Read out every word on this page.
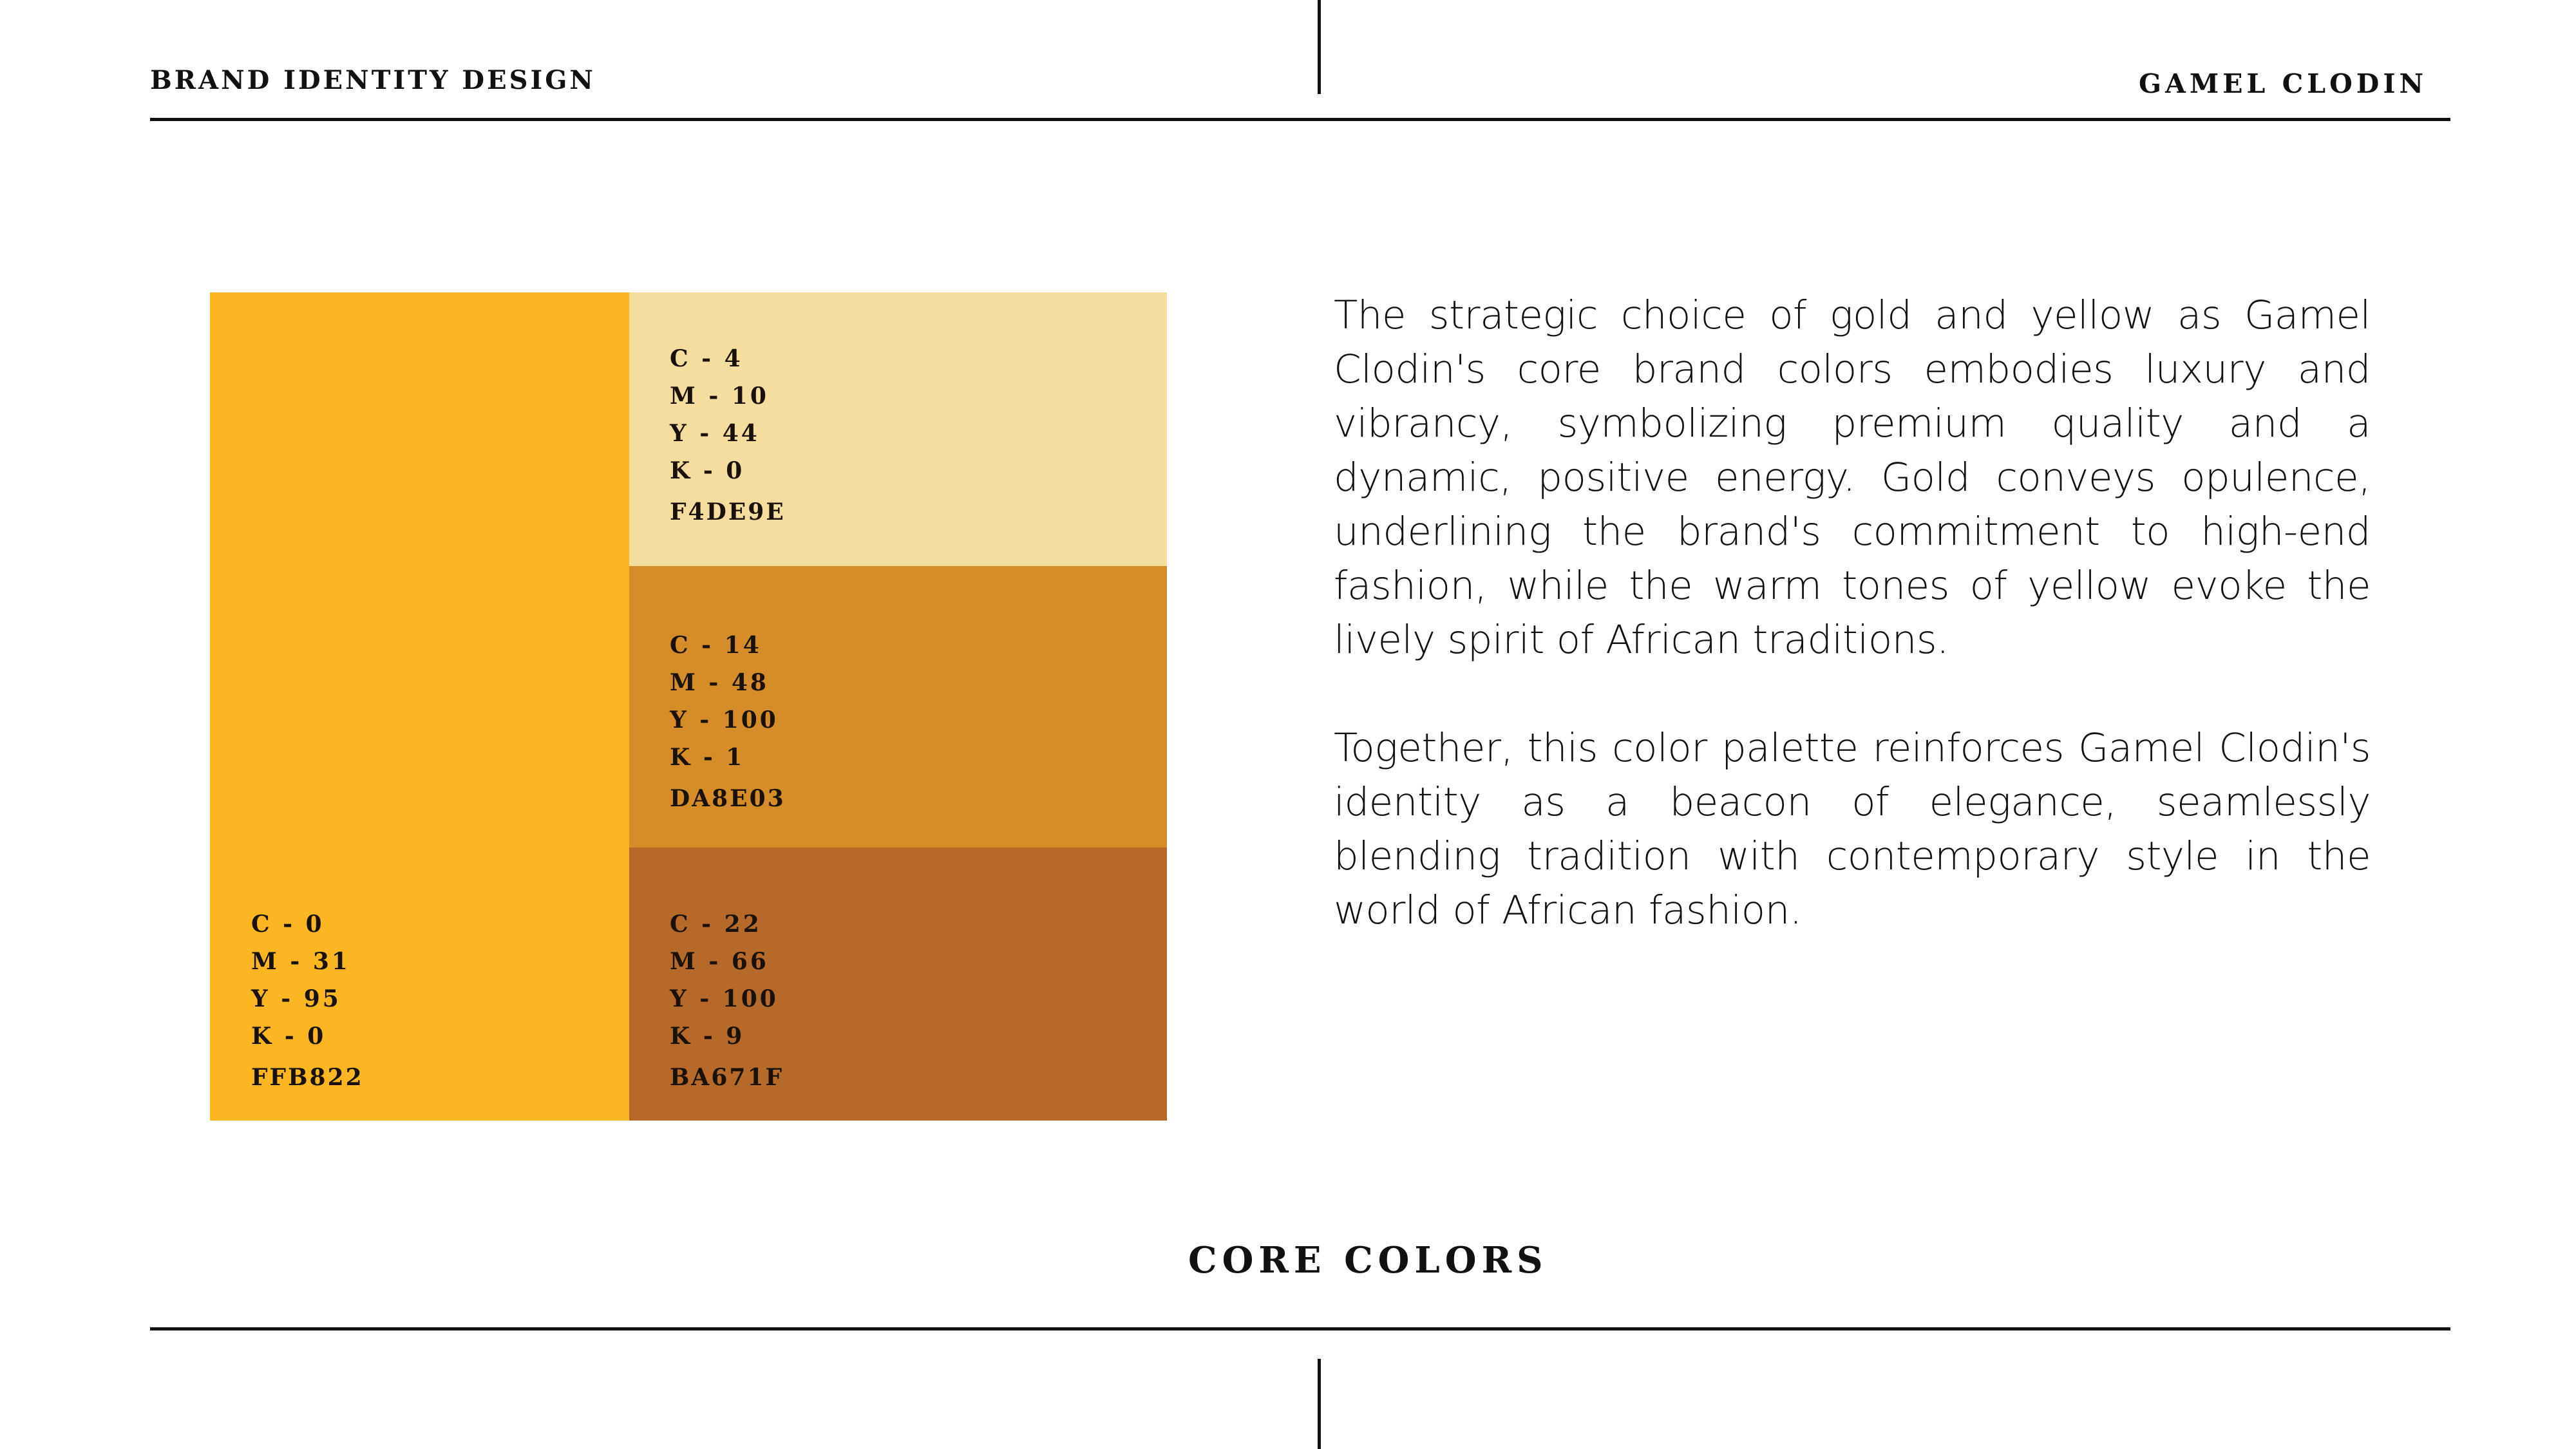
BRAND IDENTITY DESIGN	GAMEL CLODIN
C - 0
M - 31
Y - 95
K - 0
FFB822
C - 4
M - 10
Y - 44
K - 0
F4DE9E
C - 14
M - 48
Y - 100
K - 1
DA8E03
C - 22
M - 66
Y - 100
K - 9
BA671F

The strategic choice of gold and yellow as Gamel Clodin's core brand colors embodies luxury and vibrancy, symbolizing premium quality and a dynamic, positive energy. Gold conveys opulence, underlining the brand's commitment to high-end fashion, while the warm tones of yellow evoke the lively spirit of African traditions.

Together, this color palette reinforces Gamel Clodin's identity as a beacon of elegance, seamlessly blending tradition with contemporary style in the world of African fashion.

CORE COLORS
